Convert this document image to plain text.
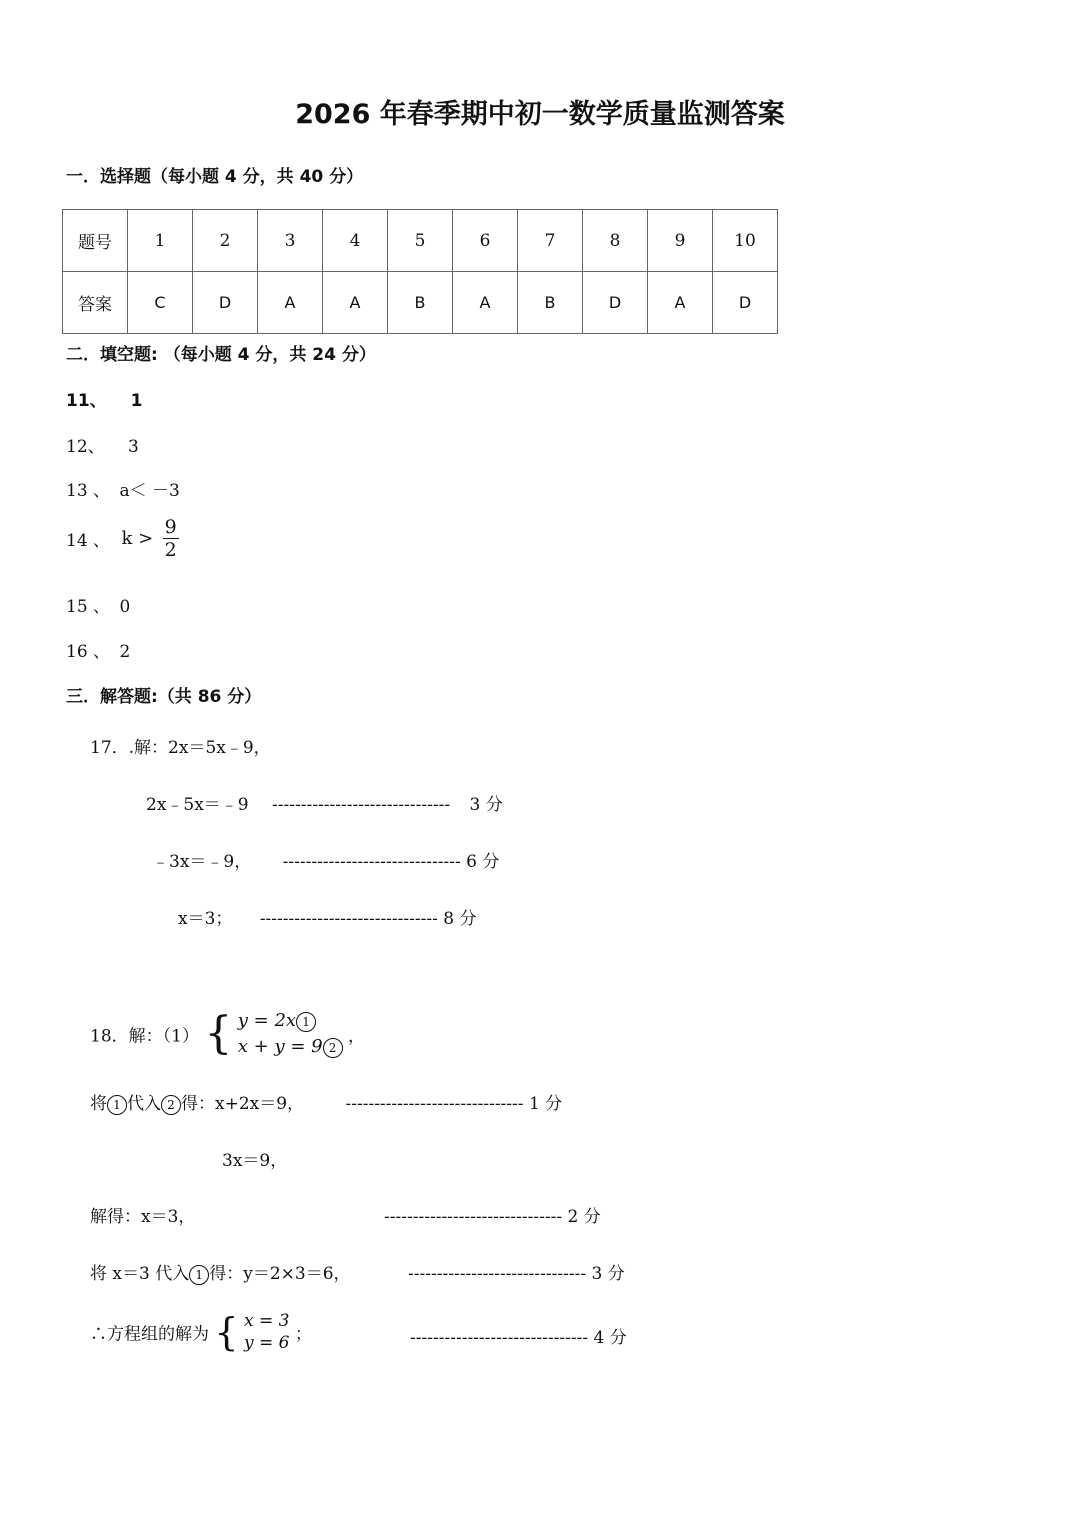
2026 年春季期中初一数学质量监测答案
一．选择题（每小题 4 分，共 40 分）
题号	1	2	3	4	5	6	7	8	9	10
答案	C	D	A	A	B	A	B	D	A	D
二．填空题: （每小题 4 分，共 24 分）
11、 1
12、 3
13 、 a＜ －3
14 、 $k > \frac{9}{2}$
15 、 0
16 、 2
三．解答题:（共 86 分）
17．.解：2x＝5x﹣9，
2x﹣5x＝﹣9 ------------------------------- 3 分
﹣3x＝﹣9， ------------------------------- 6 分
x＝3； ------------------------------- 8 分
18．解：（1） { y = 2x 1
x + y = 9 2
，
将 1 代入 2 得：x+2x＝9， ------------------------------- 1 分
3x＝9，
解得：x＝3，	------------------------------- 2 分
将 x＝3 代入 1 得：y＝2×3＝6，	------------------------------- 3 分
∴方程组的解为 { x = 3
y = 6 ；	------------------------------- 4 分
